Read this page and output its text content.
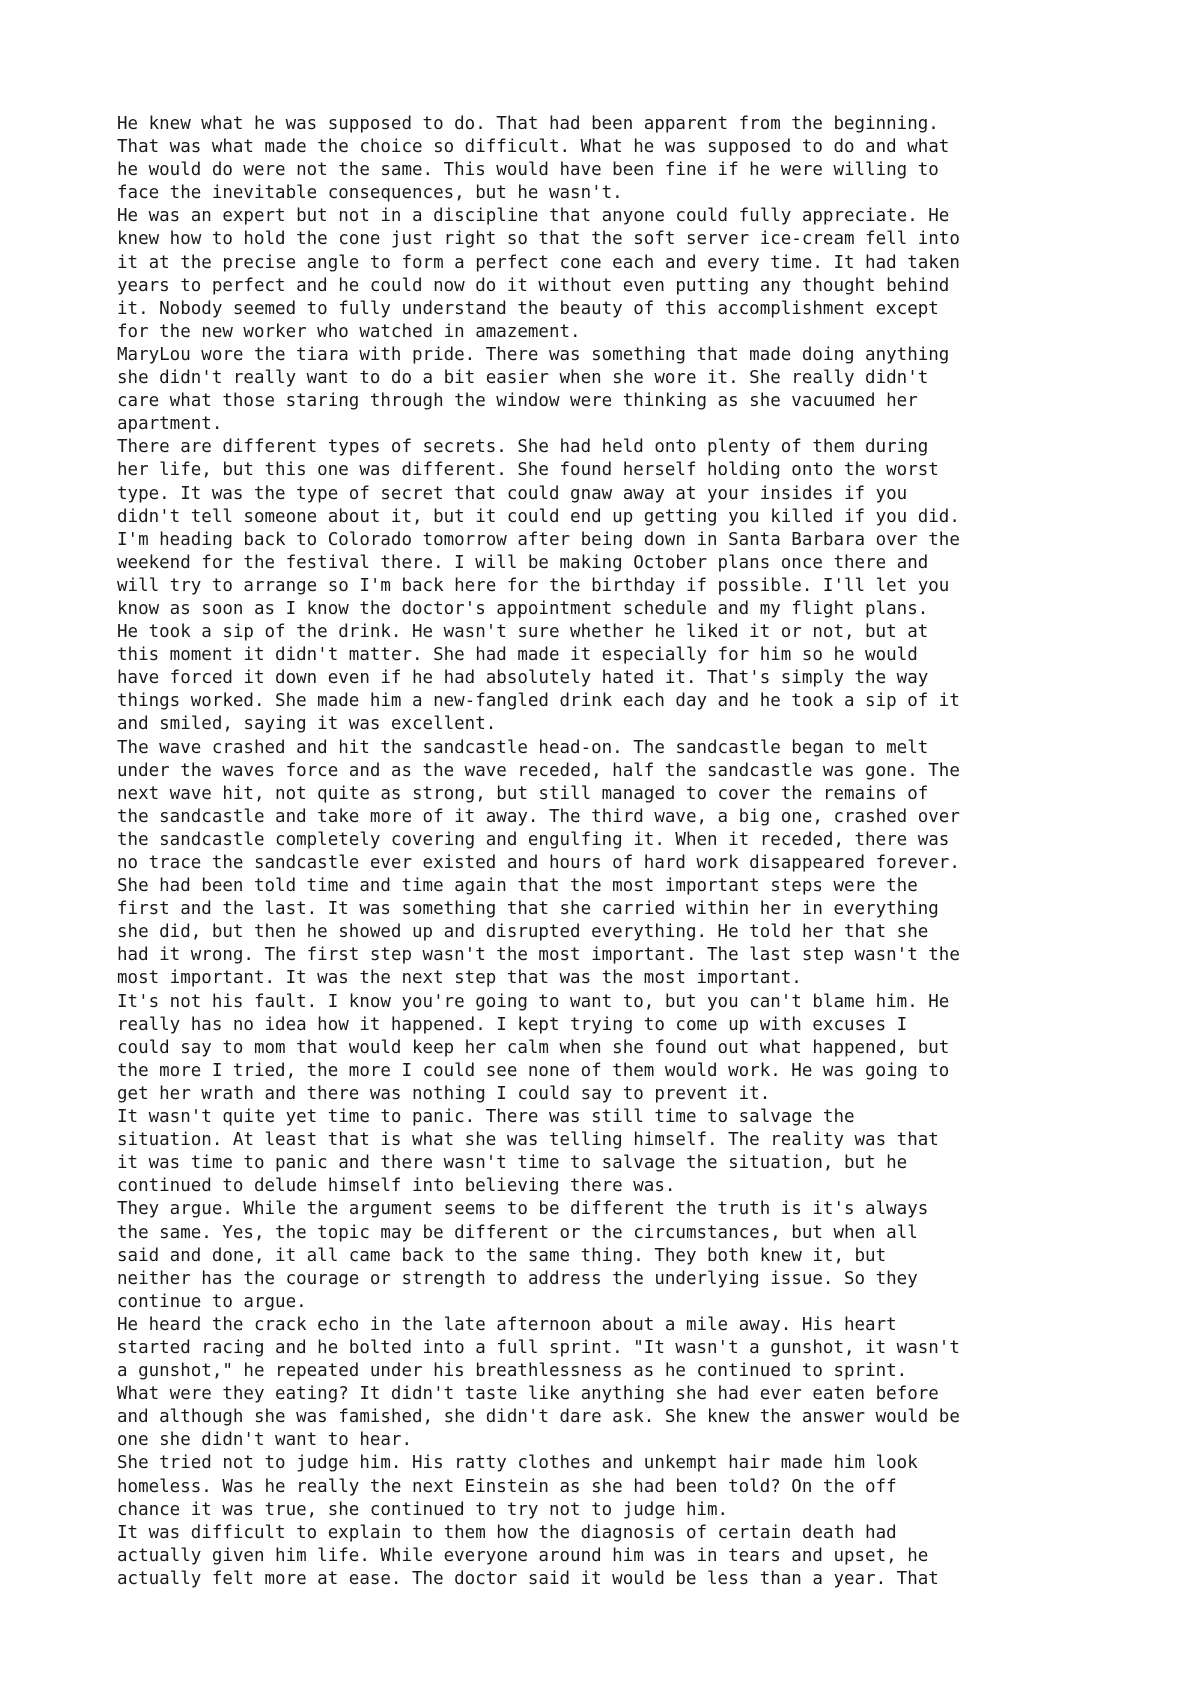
He knew what he was supposed to do. That had been apparent from the beginning.
That was what made the choice so difficult. What he was supposed to do and what
he would do were not the same. This would have been fine if he were willing to
face the inevitable consequences, but he wasn't.
He was an expert but not in a discipline that anyone could fully appreciate. He
knew how to hold the cone just right so that the soft server ice-cream fell into
it at the precise angle to form a perfect cone each and every time. It had taken
years to perfect and he could now do it without even putting any thought behind
it. Nobody seemed to fully understand the beauty of this accomplishment except
for the new worker who watched in amazement.
MaryLou wore the tiara with pride. There was something that made doing anything
she didn't really want to do a bit easier when she wore it. She really didn't
care what those staring through the window were thinking as she vacuumed her
apartment.
There are different types of secrets. She had held onto plenty of them during
her life, but this one was different. She found herself holding onto the worst
type. It was the type of secret that could gnaw away at your insides if you
didn't tell someone about it, but it could end up getting you killed if you did.
I'm heading back to Colorado tomorrow after being down in Santa Barbara over the
weekend for the festival there. I will be making October plans once there and
will try to arrange so I'm back here for the birthday if possible. I'll let you
know as soon as I know the doctor's appointment schedule and my flight plans.
He took a sip of the drink. He wasn't sure whether he liked it or not, but at
this moment it didn't matter. She had made it especially for him so he would
have forced it down even if he had absolutely hated it. That's simply the way
things worked. She made him a new-fangled drink each day and he took a sip of it
and smiled, saying it was excellent.
The wave crashed and hit the sandcastle head-on. The sandcastle began to melt
under the waves force and as the wave receded, half the sandcastle was gone. The
next wave hit, not quite as strong, but still managed to cover the remains of
the sandcastle and take more of it away. The third wave, a big one, crashed over
the sandcastle completely covering and engulfing it. When it receded, there was
no trace the sandcastle ever existed and hours of hard work disappeared forever.
She had been told time and time again that the most important steps were the
first and the last. It was something that she carried within her in everything
she did, but then he showed up and disrupted everything. He told her that she
had it wrong. The first step wasn't the most important. The last step wasn't the
most important. It was the next step that was the most important.
It's not his fault. I know you're going to want to, but you can't blame him. He
really has no idea how it happened. I kept trying to come up with excuses I
could say to mom that would keep her calm when she found out what happened, but
the more I tried, the more I could see none of them would work. He was going to
get her wrath and there was nothing I could say to prevent it.
It wasn't quite yet time to panic. There was still time to salvage the
situation. At least that is what she was telling himself. The reality was that
it was time to panic and there wasn't time to salvage the situation, but he
continued to delude himself into believing there was.
They argue. While the argument seems to be different the truth is it's always
the same. Yes, the topic may be different or the circumstances, but when all
said and done, it all came back to the same thing. They both knew it, but
neither has the courage or strength to address the underlying issue. So they
continue to argue.
He heard the crack echo in the late afternoon about a mile away. His heart
started racing and he bolted into a full sprint. "It wasn't a gunshot, it wasn't
a gunshot," he repeated under his breathlessness as he continued to sprint.
What were they eating? It didn't taste like anything she had ever eaten before
and although she was famished, she didn't dare ask. She knew the answer would be
one she didn't want to hear.
She tried not to judge him. His ratty clothes and unkempt hair made him look
homeless. Was he really the next Einstein as she had been told? On the off
chance it was true, she continued to try not to judge him.
It was difficult to explain to them how the diagnosis of certain death had
actually given him life. While everyone around him was in tears and upset, he
actually felt more at ease. The doctor said it would be less than a year. That
